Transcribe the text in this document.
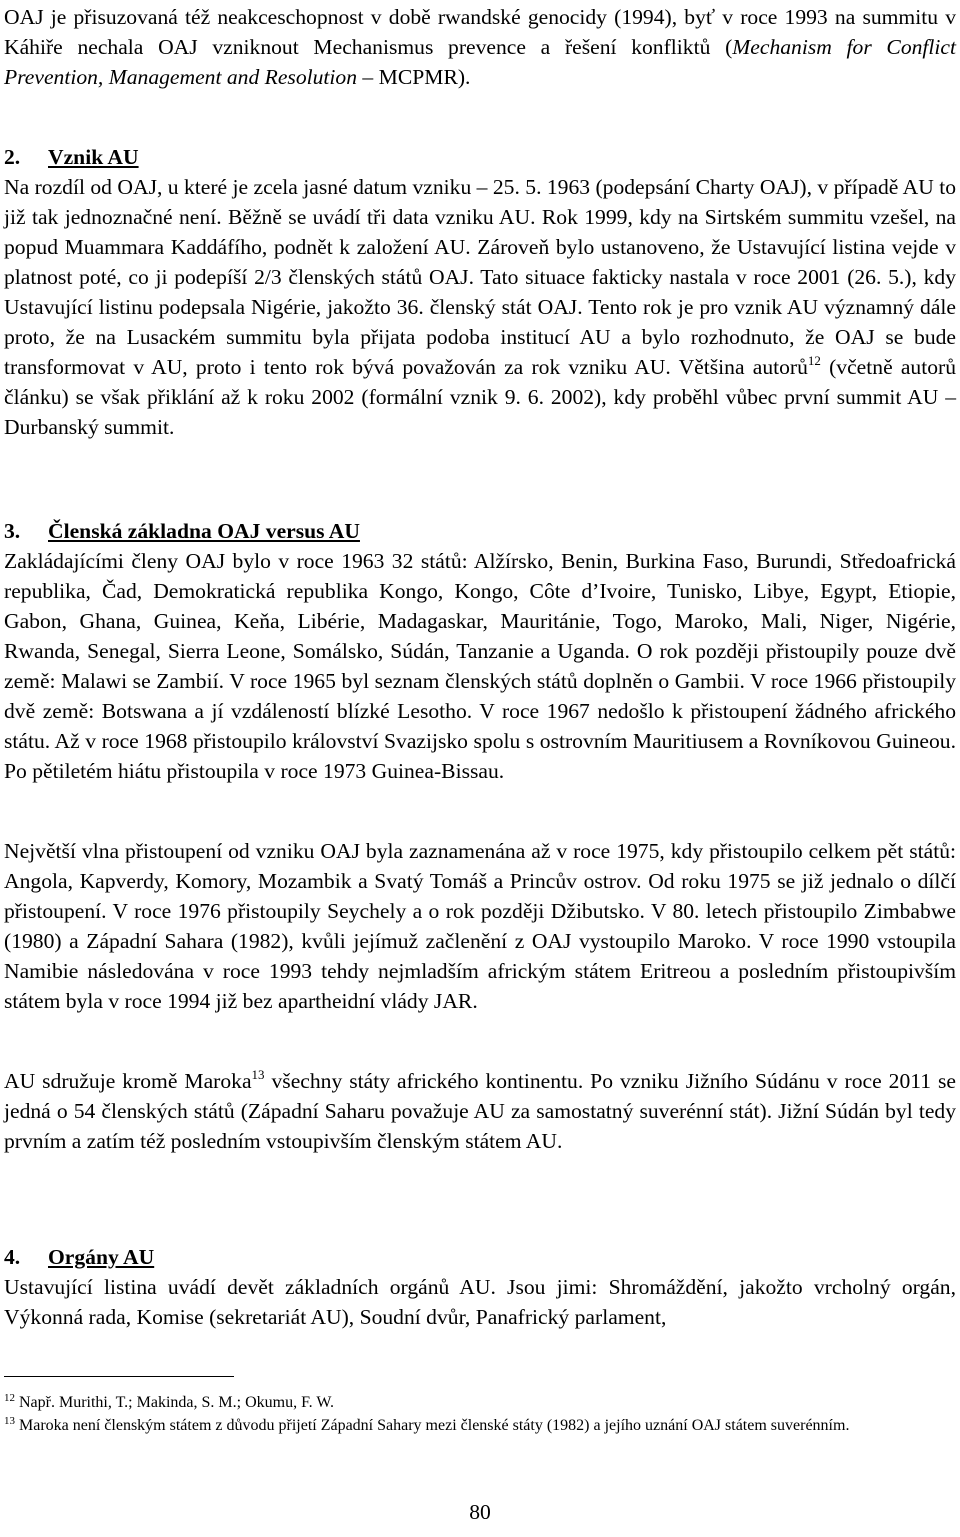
OAJ je přisuzovaná též neakceschopnost v době rwandské genocidy (1994), byť v roce 1993 na summitu v Káhiře nechala OAJ vzniknout Mechanismus prevence a řešení konfliktů (Mechanism for Conflict Prevention, Management and Resolution – MCPMR).

2. Vznik AU

Na rozdíl od OAJ, u které je zcela jasné datum vzniku – 25. 5. 1963 (podepsání Charty OAJ), v případě AU to již tak jednoznačné není. Běžně se uvádí tři data vzniku AU. Rok 1999, kdy na Sirtském summitu vzešel, na popud Muammara Kaddáfího, podnět k založení AU. Zároveň bylo ustanoveno, že Ustavující listina vejde v platnost poté, co ji podepíší 2/3 členských států OAJ. Tato situace fakticky nastala v roce 2001 (26. 5.), kdy Ustavující listinu podepsala Nigérie, jakožto 36. členský stát OAJ. Tento rok je pro vznik AU významný dále proto, že na Lusackém summitu byla přijata podoba institucí AU a bylo rozhodnuto, že OAJ se bude transformovat v AU, proto i tento rok bývá považován za rok vzniku AU. Většina autorů$^{12}$ (včetně autorů článku) se však přiklání až k roku 2002 (formální vznik 9. 6. 2002), kdy proběhl vůbec první summit AU – Durbanský summit.

3. Členská základna OAJ versus AU

Zakládajícími členy OAJ bylo v roce 1963 32 států: Alžírsko, Benin, Burkina Faso, Burundi, Středoafrická republika, Čad, Demokratická republika Kongo, Kongo, Côte d’Ivoire, Tunisko, Libye, Egypt, Etiopie, Gabon, Ghana, Guinea, Keňa, Libérie, Madagaskar, Mauritánie, Togo, Maroko, Mali, Niger, Nigérie, Rwanda, Senegal, Sierra Leone, Somálsko, Súdán, Tanzanie a Uganda. O rok později přistoupily pouze dvě země: Malawi se Zambií. V roce 1965 byl seznam členských států doplněn o Gambii. V roce 1966 přistoupily dvě země: Botswana a jí vzdáleností blízké Lesotho. V roce 1967 nedošlo k přistoupení žádného afrického státu. Až v roce 1968 přistoupilo království Svazijsko spolu s ostrovním Mauritiusem a Rovníkovou Guineou. Po pětiletém hiátu přistoupila v roce 1973 Guinea-Bissau.

Největší vlna přistoupení od vzniku OAJ byla zaznamenána až v roce 1975, kdy přistoupilo celkem pět států: Angola, Kapverdy, Komory, Mozambik a Svatý Tomáš a Princův ostrov. Od roku 1975 se již jednalo o dílčí přistoupení. V roce 1976 přistoupily Seychely a o rok později Džibutsko. V 80. letech přistoupilo Zimbabwe (1980) a Západní Sahara (1982), kvůli jejímuž začlenění z OAJ vystoupilo Maroko. V roce 1990 vstoupila Namibie následována v roce 1993 tehdy nejmladším africkým státem Eritreou a posledním přistoupivším státem byla v roce 1994 již bez apartheidní vlády JAR.

AU sdružuje kromě Maroka$^{13}$ všechny státy afrického kontinentu. Po vzniku Jižního Súdánu v roce 2011 se jedná o 54 členských států (Západní Saharu považuje AU za samostatný suverénní stát). Jižní Súdán byl tedy prvním a zatím též posledním vstoupivším členským státem AU.

4. Orgány AU

Ustavující listina uvádí devět základních orgánů AU. Jsou jimi: Shromáždění, jakožto vrcholný orgán, Výkonná rada, Komise (sekretariát AU), Soudní dvůr, Panafrický parlament,

$^{12}$ Např. Murithi, T.; Makinda, S. M.; Okumu, F. W.
$^{13}$ Maroka není členským státem z důvodu přijetí Západní Sahary mezi členské státy (1982) a jejího uznání OAJ státem suverénním.
80
